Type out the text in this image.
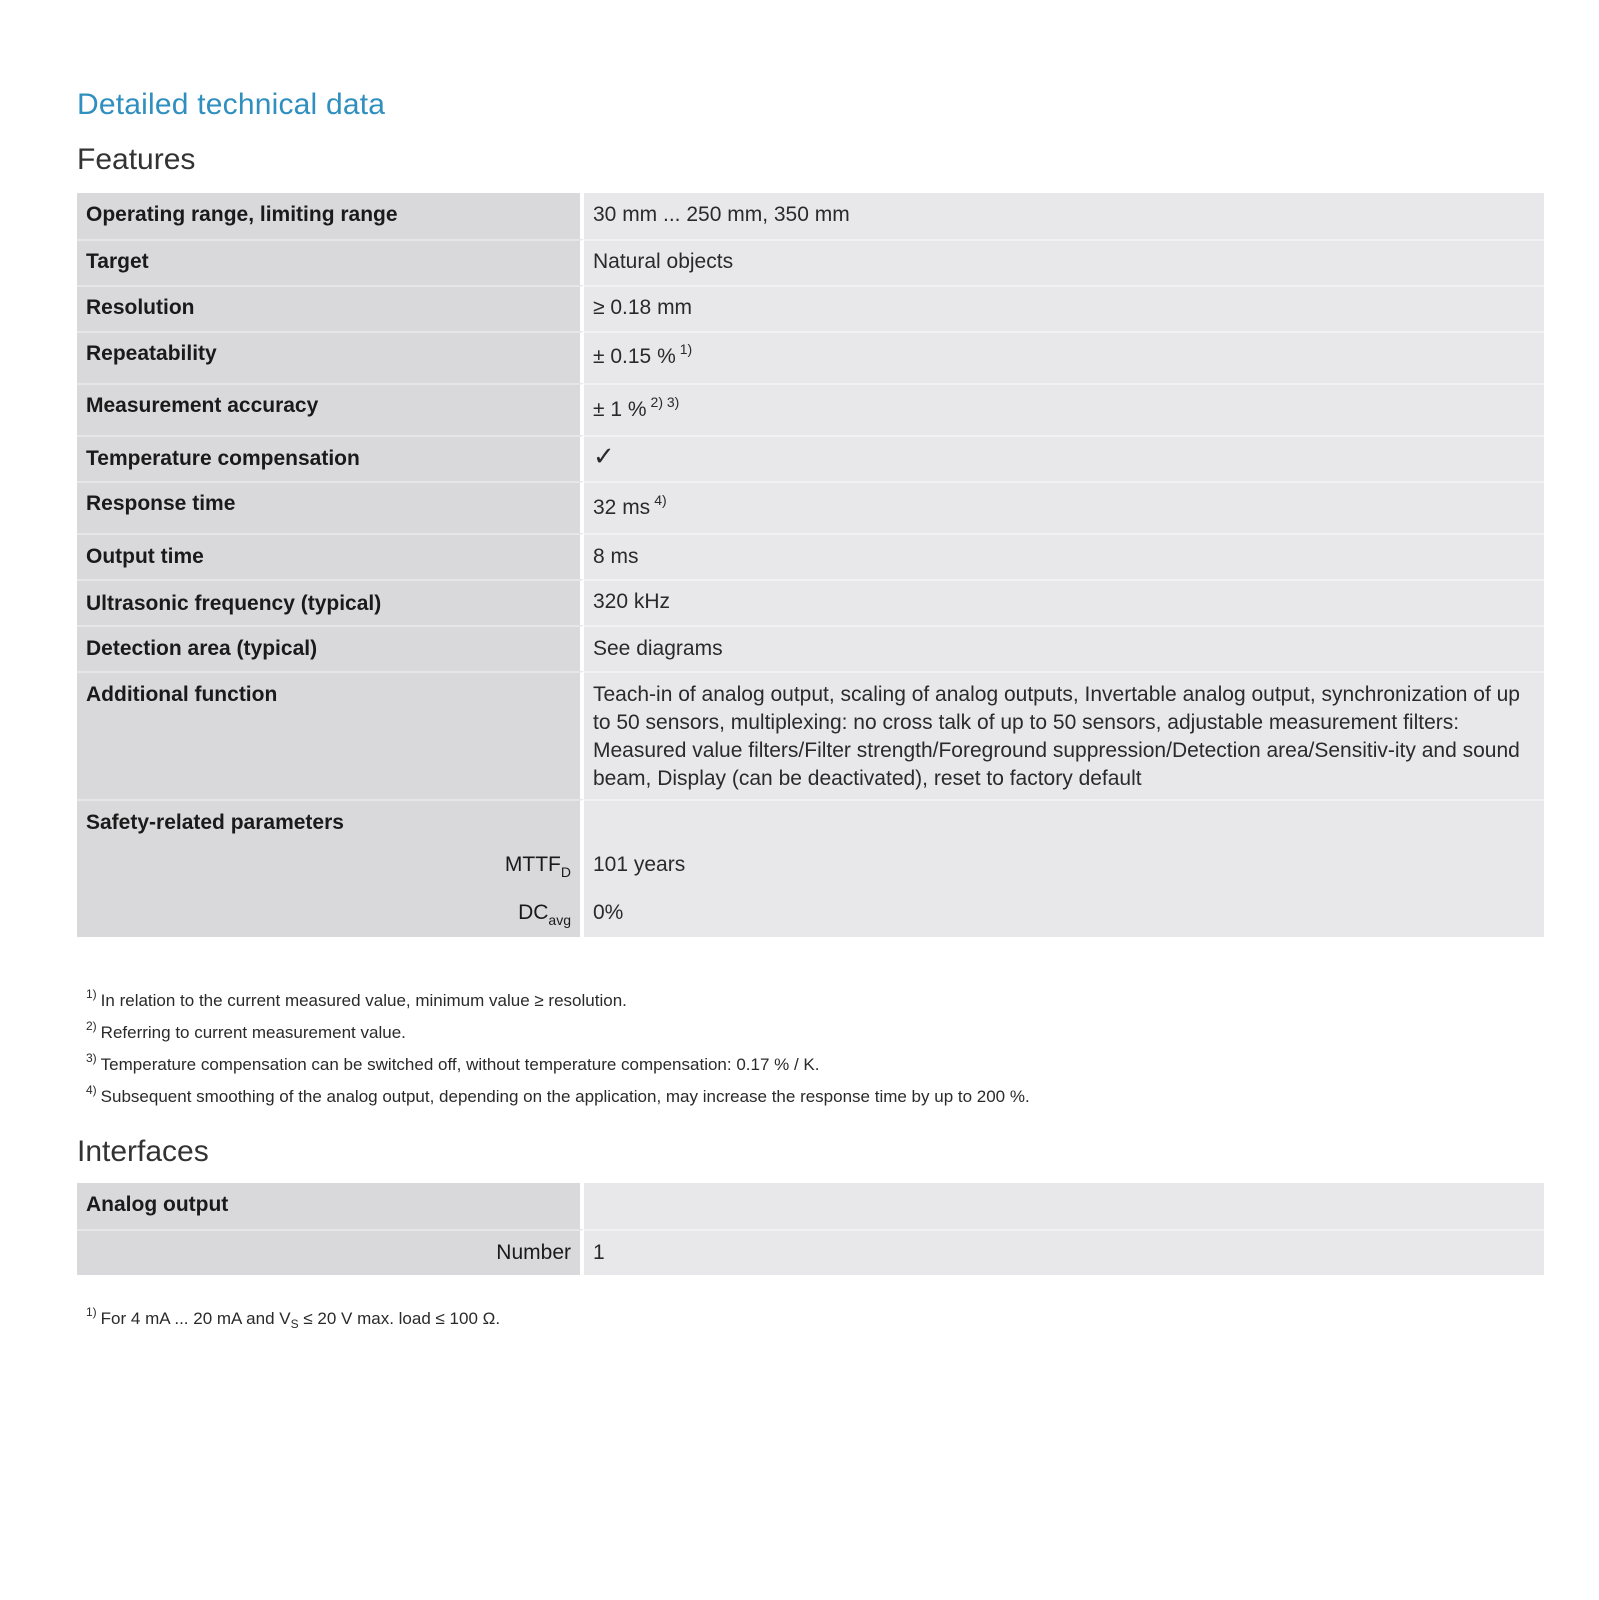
Detailed technical data
Features
Operating range, limiting range	30 mm ... 250 mm, 350 mm
Target	Natural objects
Resolution	≥ 0.18 mm
Repeatability	± 0.15 % $^{1)}$
Measurement accuracy	± 1 % $^{2) 3)}$
Temperature compensation	✓
Response time	32 ms $^{4)}$
Output time	8 ms
Ultrasonic frequency (typical)	320 kHz
Detection area (typical)	See diagrams
Additional function	Teach-in of analog output, scaling of analog outputs, Invertable analog output, synchronization of up to 50 sensors, multiplexing: no cross talk of up to 50 sensors, adjustable measurement filters: Measured value filters/Filter strength/Foreground suppression/Detection area/Sensitiv-ity and sound beam, Display (can be deactivated), reset to factory default
Safety-related parameters	
$MTTF_D$	101 years
$DC_{avg}$	0%
$^{1)}$ In relation to the current measured value, minimum value ≥ resolution.
$^{2)}$ Referring to current measurement value.
$^{3)}$ Temperature compensation can be switched off, without temperature compensation: 0.17 % / K.
$^{4)}$ Subsequent smoothing of the analog output, depending on the application, may increase the response time by up to 200 %.
Interfaces
Analog output	
Number	1
$^{1)}$ For 4 mA ... 20 mA and $V_S \le 20$ V max. load ≤ 100 Ω.
